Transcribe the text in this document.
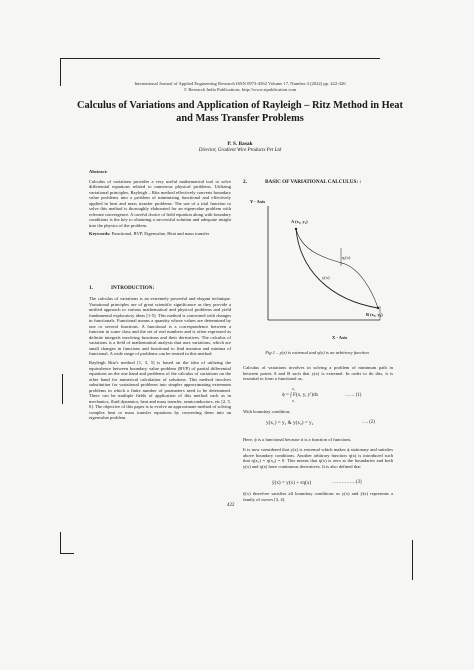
International Journal of Applied Engineering Research ISSN 0973-4562 Volume 17, Number 4 (2022) pp. 422-426
© Research India Publications. http://www.ripublication.com
Calculus of Variations and Application of Rayleigh – Ritz Method in Heat and Mass Transfer Problems
P. S. Basak
Director, Gradient Wire Products Pvt Ltd

Abstract:

Calculus of variations provides a very useful mathematical tool to solve differential equations related to numerous physical problems. Utilizing variational principles, Rayleigh – Ritz method effectively converts boundary value problems into a problem of minimizing functional and effectively applied in heat and mass transfer problems. The use of a trial function to solve this method is thoroughly elaborated for an eigenvalue problem with relevant convergence. A careful choice of field equation along with boundary conditions is the key to obtaining a successful solution and adequate insight into the physics of the problem.

Keywords: Functional, BVP, Eigenvalue, Heat and mass transfer

1.	INTRODUCTION:

The calculus of variations is an extremely powerful and elegant technique. Variational principles are of great scientific significance as they provide a unified approach to various mathematical and physical problems and yield fundamental exploratory ideas [1-5]. This method is concerned with changes in functionals. Functional means a quantity whose values are determined by one or several functions. A functional is a correspondence between a function in some class and the set of real numbers and is often expressed as definite integrals involving functions and their derivatives. The calculus of variations is a field of mathematical analysis that uses variations, which are small changes in functions and functional to find maxima and minima of functional. A wide range of problems can be treated in this method.

Rayleigh Ritz's method [1, 3, 5] is based on the idea of utilizing the equivalence between boundary value problem (BVP) of partial differential equations on the one hand and problems of the calculus of variations on the other hand for numerical calculation of solutions. This method involves substitution for variational problems into simpler approximating extremum problems in which a finite number of parameters need to be determined. There can be multiple fields of application of this method such as in mechanics, fluid dynamics, heat and mass transfer, semiconductors, etc [2, 5, 6]. The objective of this paper is to evolve an approximate method of solving complex heat or mass transfer equations by converting them into an eigenvalue problem.

2.	BASIC OF VARIATIONAL CALCULUS: :
Y - Axis
X - Axis
A (x₁, y₁)
B (x₂, y₂)
ηᵢ(x)
y(x)
Fig.1 – y(x) is extremal and η(x) is an arbitrary function
Calculus of variations involves in solving a problem of minimum path in between points A and B such that y(x) is extremal. In order to do this, it is essential to form a functional as,
ϕ = ∫ F(x, y, y′)dx
x₂
x₁
…… (1)
With boundary condition;
y(x₁) = y₁ & y(x₂) = y₂	…. (2)
Here, ϕ is a functional because it is a function of functions.
It is now considered that y(x) is extremal which makes ϕ stationary and satisfies above boundary conditions. Another arbitrary function η(x) is introduced such that η(x₁) = η(x₂) = 0. This means that η(x) is zero at the boundaries and both y(x) and η(x) have continuous derivatives. It is also defined that
ȳ(x) = y(x) + ϵη(x)	……………(3)
ȳ(x) therefore satisfies all boundary conditions as y(x) and ȳ(x) represents a family of curves [3, 4].
422
